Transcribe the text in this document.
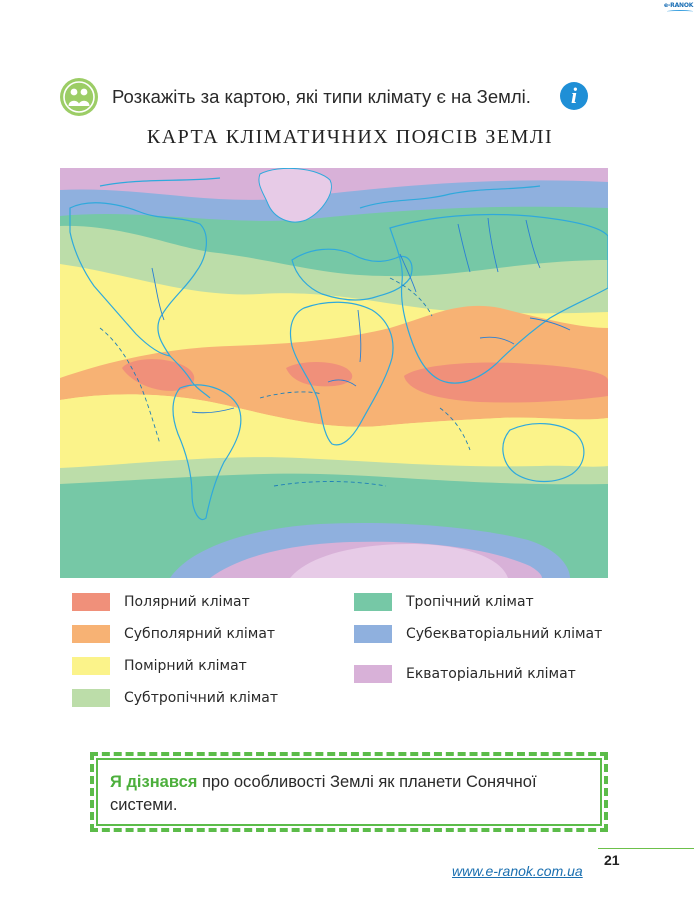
e-RANOK
Розкажіть за картою, які типи клімату є на Землі.	i
КАРТА КЛІМАТИЧНИХ ПОЯСІВ ЗЕМЛІ
Полярний клімат
Субполярний клімат
Помірний клімат
Субтропічний клімат
Тропічний клімат
Субекваторіальний клімат
Екваторіальний клімат
Я дізнався про особливості Землі як планети Сонячної системи.
21
www.e-ranok.com.ua
